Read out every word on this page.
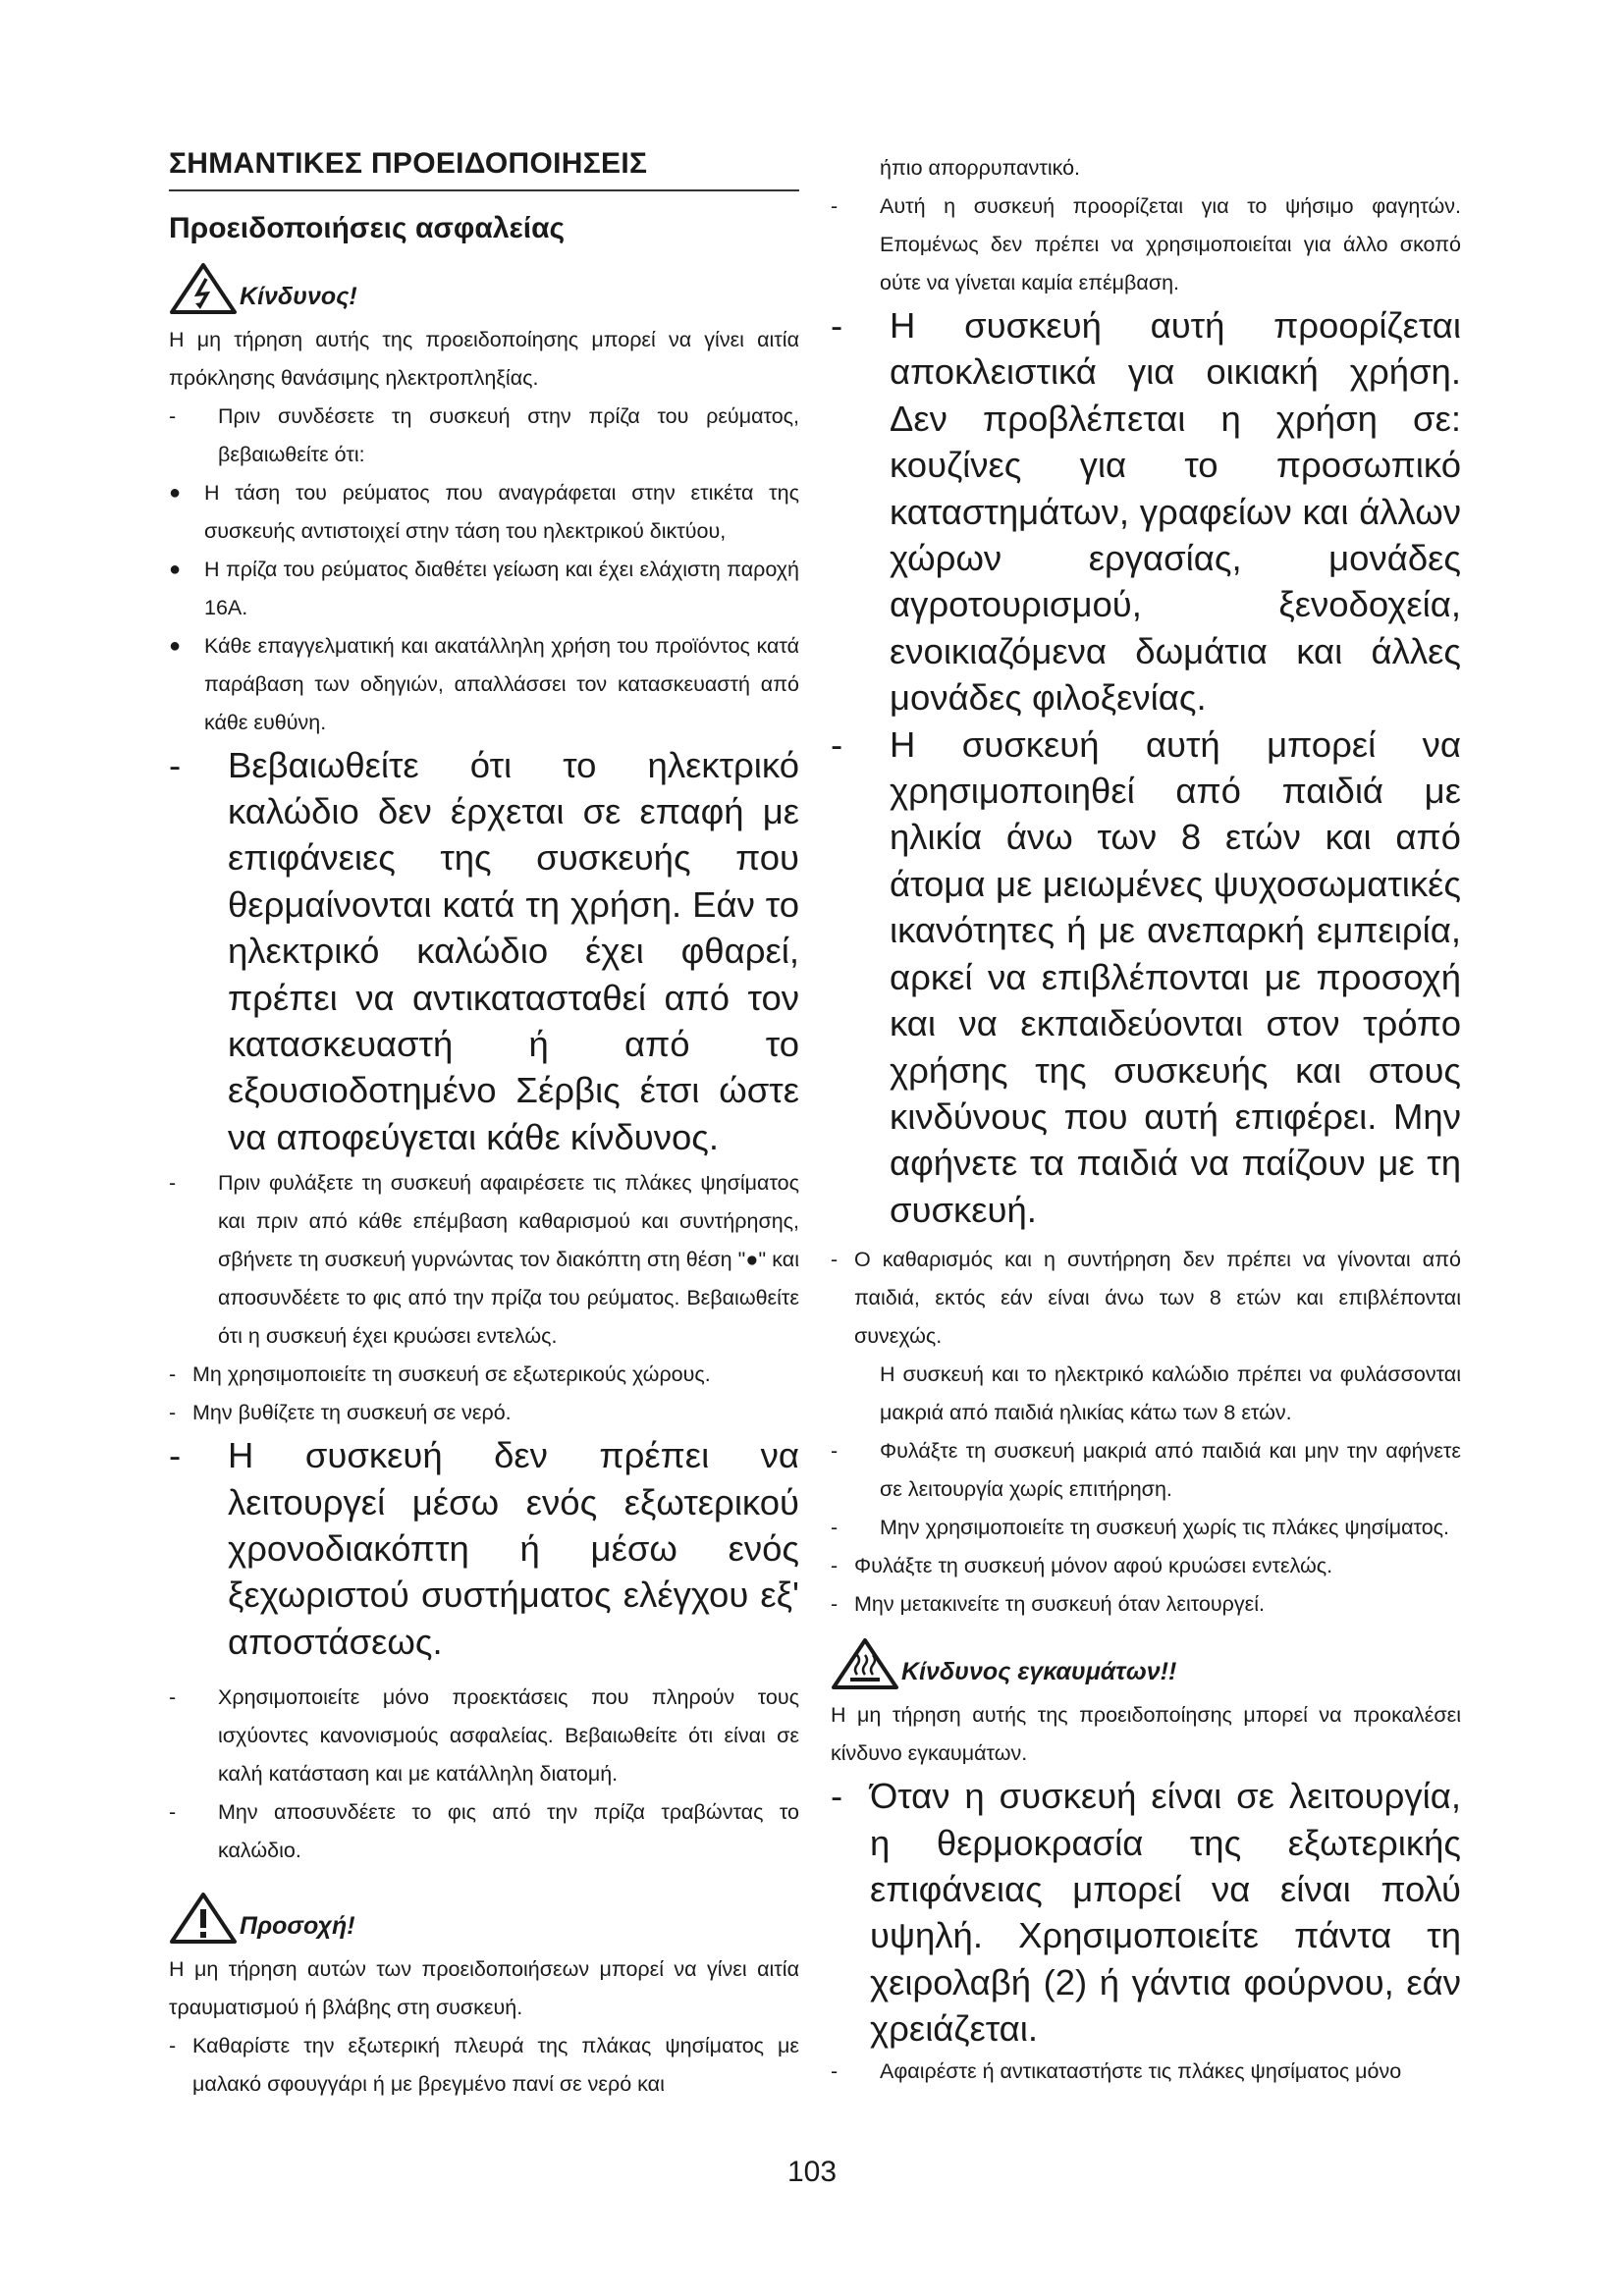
ΣΗΜΑΝΤΙΚΕΣ ΠΡΟΕΙΔΟΠΟΙΗΣΕΙΣ
Προειδοποιήσεις ασφαλείας
Κίνδυνος!

Η μη τήρηση αυτής της προειδοποίησης μπορεί να γίνει αιτία πρόκλησης θανάσιμης ηλεκτροπληξίας.

-	Πριν συνδέσετε τη συσκευή στην πρίζα του ρεύματος, βεβαιωθείτε ότι:
●	Η τάση του ρεύματος που αναγράφεται στην ετικέτα της συσκευής αντιστοιχεί στην τάση του ηλεκτρικού δικτύου,
●	Η πρίζα του ρεύματος διαθέτει γείωση και έχει ελάχιστη παροχή 16A.
●	Κάθε επαγγελματική και ακατάλληλη χρήση του προϊόντος κατά παράβαση των οδηγιών, απαλλάσσει τον κατασκευαστή από κάθε ευθύνη.
-	Βεβαιωθείτε ότι το ηλεκτρικό καλώδιο δεν έρχεται σε επαφή με επιφάνειες της συσκευής που θερμαίνονται κατά τη χρήση. Εάν το ηλεκτρικό καλώδιο έχει φθαρεί, πρέπει να αντικατασταθεί από τον κατασκευαστή ή από το εξουσιοδοτημένο Σέρβις έτσι ώστε να αποφεύγεται κάθε κίνδυνος.
-	Πριν φυλάξετε τη συσκευή αφαιρέσετε τις πλάκες ψησίματος και πριν από κάθε επέμβαση καθαρισμού και συντήρησης, σβήνετε τη συσκευή γυρνώντας τον διακόπτη στη θέση "●" και αποσυνδέετε το φις από την πρίζα του ρεύματος. Βεβαιωθείτε ότι η συσκευή έχει κρυώσει εντελώς.
- Μη χρησιμοποιείτε τη συσκευή σε εξωτερικούς χώρους.
- Μην βυθίζετε τη συσκευή σε νερό.
-	Η συσκευή δεν πρέπει να λειτουργεί μέσω ενός εξωτερικού χρονοδιακόπτη ή μέσω ενός ξεχωριστού συστήματος ελέγχου εξ' αποστάσεως.
-	Χρησιμοποιείτε μόνο προεκτάσεις που πληρούν τους ισχύοντες κανονισμούς ασφαλείας. Βεβαιωθείτε ότι είναι σε καλή κατάσταση και με κατάλληλη διατομή.
-	Μην αποσυνδέετε το φις από την πρίζα τραβώντας το καλώδιο.
Προσοχή!

Η μη τήρηση αυτών των προειδοποιήσεων μπορεί να γίνει αιτία τραυματισμού ή βλάβης στη συσκευή.

- Καθαρίστε την εξωτερική πλευρά της πλάκας ψησίματος με μαλακό σφουγγάρι ή με βρεγμένο πανί σε νερό και

ήπιο απορρυπαντικό.

-	Αυτή η συσκευή προορίζεται για το ψήσιμο φαγητών. Επομένως δεν πρέπει να χρησιμοποιείται για άλλο σκοπό ούτε να γίνεται καμία επέμβαση.
-	Η συσκευή αυτή προορίζεται αποκλειστικά για οικιακή χρήση. Δεν προβλέπεται η χρήση σε: κουζίνες για το προσωπικό καταστημάτων, γραφείων και άλλων χώρων εργασίας, μονάδες αγροτουρισμού, ξενοδοχεία, ενοικιαζόμενα δωμάτια και άλλες μονάδες φιλοξενίας.
-	Η συσκευή αυτή μπορεί να χρησιμοποιηθεί από παιδιά με ηλικία άνω των 8 ετών και από άτομα με μειωμένες ψυχοσωματικές ικανότητες ή με ανεπαρκή εμπειρία, αρκεί να επιβλέπονται με προσοχή και να εκπαιδεύονται στον τρόπο χρήσης της συσκευής και στους κινδύνους που αυτή επιφέρει. Μην αφήνετε τα παιδιά να παίζουν με τη συσκευή.
- Ο καθαρισμός και η συντήρηση δεν πρέπει να γίνονται από παιδιά, εκτός εάν είναι άνω των 8 ετών και επιβλέπονται συνεχώς.

Η συσκευή και το ηλεκτρικό καλώδιο πρέπει να φυλάσσονται μακριά από παιδιά ηλικίας κάτω των 8 ετών.

-	Φυλάξτε τη συσκευή μακριά από παιδιά και μην την αφήνετε σε λειτουργία χωρίς επιτήρηση.
-	Μην χρησιμοποιείτε τη συσκευή χωρίς τις πλάκες ψησίματος.
- Φυλάξτε τη συσκευή μόνον αφού κρυώσει εντελώς.
- Μην μετακινείτε τη συσκευή όταν λειτουργεί.
Κίνδυνος εγκαυμάτων!!

Η μη τήρηση αυτής της προειδοποίησης μπορεί να προκαλέσει κίνδυνο εγκαυμάτων.

- Όταν η συσκευή είναι σε λειτουργία, η θερμοκρασία της εξωτερικής επιφάνειας μπορεί να είναι πολύ υψηλή. Χρησιμοποιείτε πάντα τη χειρολαβή (2) ή γάντια φούρνου, εάν χρειάζεται.
-	Αφαιρέστε ή αντικαταστήστε τις πλάκες ψησίματος μόνο
103
